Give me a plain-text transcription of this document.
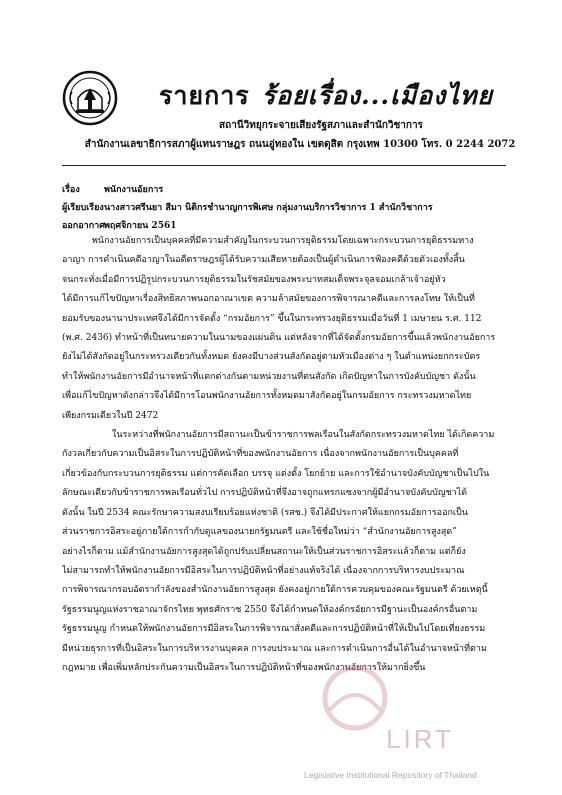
รายการ ร้อยเรื่อง...เมืองไทย
สถานีวิทยุกระจายเสียงรัฐสภาและสำนักวิชาการ
สำนักงานเลขาธิการสภาผู้แทนราษฎร ถนนอู่ทองใน เขตดุสิต กรุงเทพ 10300 โทร. 0 2244 2072
เรื่อง	พนักงานอัยการ
ผู้เรียบเรียง นางสาวศรีนยา สีมา นิติกรชำนาญการพิเศษ กลุ่มงานบริการวิชาการ 1 สำนักวิชาการ
ออกอากาศ พฤศจิกายน 2561
พนักงานอัยการเป็นบุคคลที่มีความสำคัญในกระบวนการยุติธรรมโดยเฉพาะกระบวนการยุติธรรมทาง
อาญา การดำเนินคดีอาญาในอดีตราษฎรผู้ได้รับความเสียหายต้องเป็นผู้ดำเนินการฟ้องคดีด้วยตัวเองทั้งสิ้น
จนกระทั่งเมื่อมีการปฏิรูปกระบวนการยุติธรรมในรัชสมัยของพระบาทสมเด็จพระจุลจอมเกล้าเจ้าอยู่หัว
ได้มีการแก้ไขปัญหาเรื่องสิทธิสภาพนอกอาณาเขต ความล้าสมัยของการพิจารณาคดีและการลงโทษ ให้เป็นที่
ยอมรับของนานาประเทศจึงได้มีการจัดตั้ง “กรมอัยการ” ขึ้นในกระทรวงยุติธรรมเมื่อวันที่ 1 เมษายน ร.ศ. 112
(พ.ศ. 2436) ทำหน้าที่เป็นทนายความในนามของแผ่นดิน แต่หลังจากที่ได้จัดตั้งกรมอัยการขึ้นแล้วพนักงานอัยการ
ยังไม่ได้สังกัดอยู่ในกระทรวงเดียวกันทั้งหมด ยังคงมีบางส่วนสังกัดอยู่ตามหัวเมืองต่าง ๆ ในตำแหน่งยกกระบัตร
ทำให้พนักงานอัยการมีอำนาจหน้าที่แตกต่างกันตามหน่วยงานที่ตนสังกัด เกิดปัญหาในการบังคับบัญชา ดังนั้น
เพื่อแก้ไขปัญหาดังกล่าวจึงได้มีการโอนพนักงานอัยการทั้งหมดมาสังกัดอยู่ในกรมอัยการ กระทรวงมหาดไทย
เพียงกรมเดียวในปี 2472
ในระหว่างที่พนักงานอัยการมีสถานะเป็นข้าราชการพลเรือนในสังกัดกระทรวงมหาดไทย ได้เกิดความ
กังวลเกี่ยวกับความเป็นอิสระในการปฏิบัติหน้าที่ของพนักงานอัยการ เนื่องจากพนักงานอัยการเป็นบุคคลที่
เกี่ยวข้องกับกระบวนการยุติธรรม แต่การคัดเลือก บรรจุ แต่งตั้ง โยกย้าย และการใช้อำนาจบังคับบัญชาเป็นไปใน
ลักษณะเดียวกับข้าราชการพลเรือนทั่วไป การปฏิบัติหน้าที่จึงอาจถูกแทรกแซงจากผู้มีอำนาจบังคับบัญชาได้
ดังนั้น ในปี 2534 คณะรักษาความสงบเรียบร้อยแห่งชาติ (รสช.) จึงได้มีประกาศให้แยกกรมอัยการออกเป็น
ส่วนราชการอิสระอยู่ภายใต้การกำกับดูแลของนายกรัฐมนตรี และใช้ชื่อใหม่ว่า “สำนักงานอัยการสูงสุด”
อย่างไรก็ตาม แม้สำนักงานอัยการสูงสุดได้ถูกปรับเปลี่ยนสถานะให้เป็นส่วนราชการอิสระแล้วก็ตาม แต่ก็ยัง
ไม่สามารถทำให้พนักงานอัยการมีอิสระในการปฏิบัติหน้าที่อย่างแท้จริงได้ เนื่องจากการบริหารงบประมาณ
การพิจารณากรอบอัตรากำลังของสำนักงานอัยการสูงสุด ยังคงอยู่ภายใต้การควบคุมของคณะรัฐมนตรี ด้วยเหตุนี้
รัฐธรรมนูญแห่งราชอาณาจักรไทย พุทธศักราช 2550 จึงได้กำหนดให้องค์กรอัยการมีฐานะเป็นองค์กรอื่นตาม
รัฐธรรมนูญ กำหนดให้พนักงานอัยการมีอิสระในการพิจารณาสั่งคดีและการปฏิบัติหน้าที่ให้เป็นไปโดยเที่ยงธรรม
มีหน่วยธุรการที่เป็นอิสระในการบริหารงานบุคคล การงบประมาณ และการดำเนินการอื่นได้ในอำนาจหน้าที่ตาม
กฎหมาย เพื่อเพิ่มหลักประกันความเป็นอิสระในการปฏิบัติหน้าที่ของพนักงานอัยการให้มากยิ่งขึ้น
LIRT
Legislative Institutional Repository of Thailand
